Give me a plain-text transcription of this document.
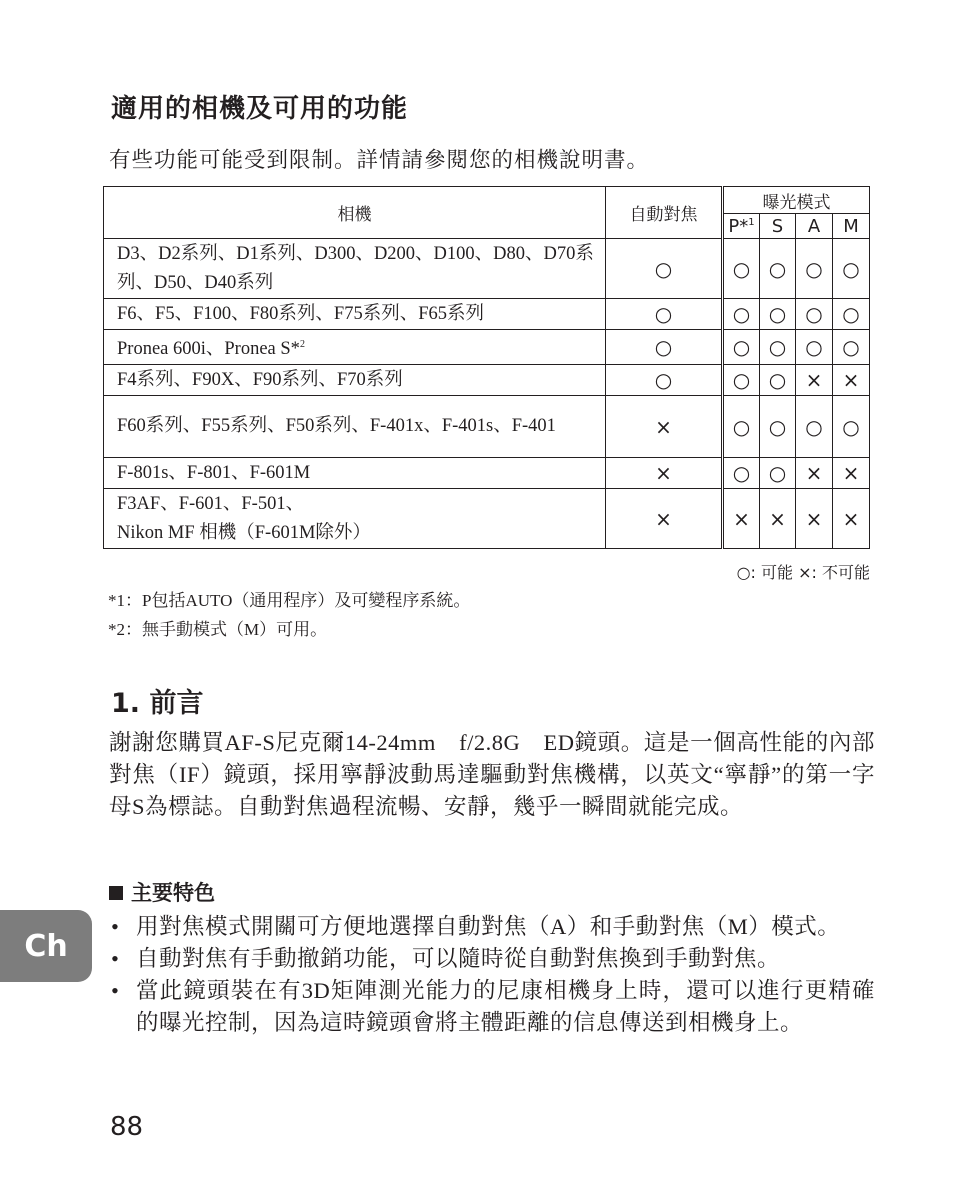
適用的相機及可用的功能
有些功能可能受到限制。詳情請參閱您的相機說明書。
相機	自動對焦	曝光模式			
		P*$^1$	S	A	M
D3、D2系列、D1系列、D300、D200、D100、D80、D70系列、D50、D40系列	○	○	○	○	○
F6、F5、F100、F80系列、F75系列、F65系列	○	○	○	○	○
Pronea 600i、Pronea S*$^2$	○	○	○	○	○
F4系列、F90X、F90系列、F70系列	○	○	○	×	×
F60系列、F55系列、F50系列、F-401x、F-401s、F-401	×	○	○	○	○
F-801s、F-801、F-601M	×	○	○	×	×

F3AF、F-601、F-501、
Nikon MF 相機（F-601M除外）	×	×	×	×	×
○: 可能 ×: 不可能
*1：P包括AUTO（通用程序）及可變程序系統。
*2：無手動模式（M）可用。
1. 前言
謝謝您購買AF-S尼克爾14-24mm　f/2.8G　ED鏡頭。這是一個高性能的內部對焦（IF）鏡頭，採用寧靜波動馬達驅動對焦機構，以英文“寧靜”的第一字母S為標誌。自動對焦過程流暢、安靜，幾乎一瞬間就能完成。
主要特色
• 用對焦模式開關可方便地選擇自動對焦（A）和手動對焦（M）模式。
• 自動對焦有手動撤銷功能，可以隨時從自動對焦換到手動對焦。
• 當此鏡頭裝在有3D矩陣測光能力的尼康相機身上時，還可以進行更精確的曝光控制，因為這時鏡頭會將主體距離的信息傳送到相機身上。
Ch
88
